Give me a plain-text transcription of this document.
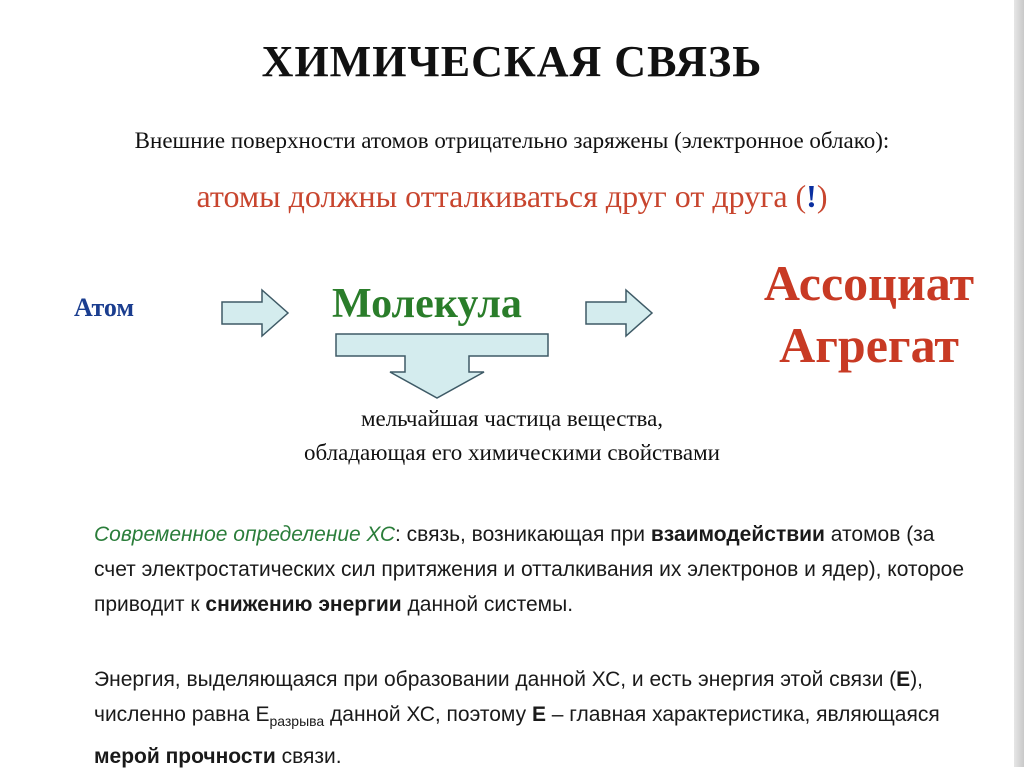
ХИМИЧЕСКАЯ СВЯЗЬ
Внешние поверхности атомов отрицательно заряжены (электронное облако):
атомы должны отталкиваться друг от друга (!)
Атом	Молекула	Ассоциат
Агрегат
мельчайшая частица вещества,
обладающая его химическими свойствами
Современное определение ХС: связь, возникающая при взаимодействии атомов (за счет электростатических сил притяжения и отталкивания их электронов и ядер), которое приводит к снижению энергии данной системы.
Энергия, выделяющаяся при образовании данной ХС, и есть энергия этой связи (Е), численно равна $Е_{разрыва}$ данной ХС, поэтому Е – главная характеристика, являющаяся мерой прочности связи.
